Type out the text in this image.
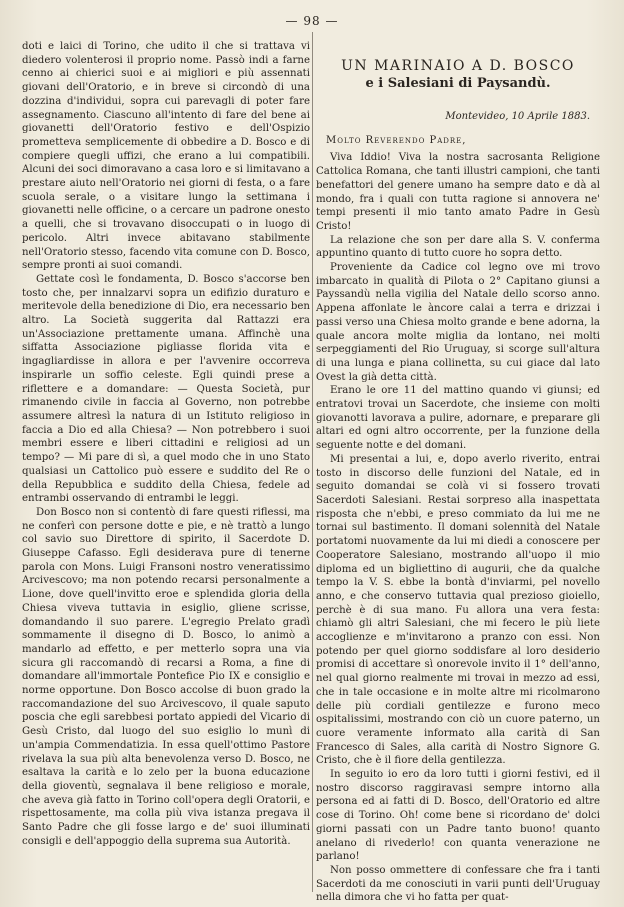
— 98 —

doti e laici di Torino, che udito il che si trattava vi diedero volenterosi il proprio nome. Passò indi a farne cenno ai chierici suoi e ai migliori e più assennati giovani dell'Oratorio, e in breve si circondò di una dozzina d'individui, sopra cui parevagli di poter fare assegnamento. Ciascuno all'intento di fare del bene ai giovanetti dell'Oratorio festivo e dell'Ospizio prometteva semplicemente di obbedire a D. Bosco e di compiere quegli uffizi, che erano a lui compatibili. Alcuni dei soci dimoravano a casa loro e si limitavano a prestare aiuto nell'Oratorio nei giorni di festa, o a fare scuola serale, o a visitare lungo la settimana i giovanetti nelle officine, o a cercare un padrone onesto a quelli, che si trovavano disoccupati o in luogo di pericolo. Altri invece abitavano stabilmente nell'Oratorio stesso, facendo vita comune con D. Bosco, sempre pronti ai suoi comandi.

Gettate così le fondamenta, D. Bosco s'accorse ben tosto che, per innalzarvi sopra un edifizio duraturo e meritevole della benedizione di Dio, era necessario ben altro. La Società suggerita dal Rattazzi era un'Associazione prettamente umana. Affinchè una siffatta Associazione pigliasse florida vita e ingagliardisse in allora e per l'avvenire occorreva inspirarle un soffio celeste. Egli quindi prese a riflettere e a domandare: — Questa Società, pur rimanendo civile in faccia al Governo, non potrebbe assumere altresì la natura di un Istituto religioso in faccia a Dio ed alla Chiesa? — Non potrebbero i suoi membri essere e liberi cittadini e religiosi ad un tempo? — Mi pare di sì, a quel modo che in uno Stato qualsiasi un Cattolico può essere e suddito del Re o della Repubblica e suddito della Chiesa, fedele ad entrambi osservando di entrambi le leggi.

Don Bosco non si contentò di fare questi riflessi, ma ne conferì con persone dotte e pie, e nè trattò a lungo col savio suo Direttore di spirito, il Sacerdote D. Giuseppe Cafasso. Egli desiderava pure di tenerne parola con Mons. Luigi Fransoni nostro veneratissimo Arcivescovo; ma non potendo recarsi personalmente a Lione, dove quell'invitto eroe e splendida gloria della Chiesa viveva tuttavia in esiglio, gliene scrisse, domandando il suo parere. L'egregio Prelato gradì sommamente il disegno di D. Bosco, lo animò a mandarlo ad effetto, e per metterlo sopra una via sicura gli raccomandò di recarsi a Roma, a fine di domandare all'immortale Pontefice Pio IX e consiglio e norme opportune. Don Bosco accolse di buon grado la raccomandazione del suo Arcivescovo, il quale saputo poscia che egli sarebbesi portato appiedi del Vicario di Gesù Cristo, dal luogo del suo esiglio lo munì di un'ampia Commendatizia. In essa quell'ottimo Pastore rivelava la sua più alta benevolenza verso D. Bosco, ne esaltava la carità e lo zelo per la buona educazione della gioventù, segnalava il bene religioso e morale, che aveva già fatto in Torino coll'opera degli Oratorii, e rispettosamente, ma colla più viva istanza pregava il Santo Padre che gli fosse largo e de' suoi illuminati consigli e dell'appoggio della suprema sua Autorità.

UN MARINAIO A D. BOSCO
e i Salesiani di Paysandù.
Montevideo, 10 Aprile 1883.
Molto Reverendo Padre,

Viva Iddio! Viva la nostra sacrosanta Religione Cattolica Romana, che tanti illustri campioni, che tanti benefattori del genere umano ha sempre dato e dà al mondo, fra i quali con tutta ragione si annovera ne' tempi presenti il mio tanto amato Padre in Gesù Cristo!

La relazione che son per dare alla S. V. conferma appuntino quanto di tutto cuore ho sopra detto.

Proveniente da Cadice col legno ove mi trovo imbarcato in qualità di Pilota o 2° Capitano giunsi a Payssandù nella vigilia del Natale dello scorso anno. Appena affonlate le àncore calai a terra e drizzai i passi verso una Chiesa molto grande e bene adorna, la quale ancora molte miglia da lontano, nei molti serpeggiamenti del Rio Uruguay, si scorge sull'altura di una lunga e piana collinetta, su cui giace dal lato Ovest la già detta città.

Erano le ore 11 del mattino quando vi giunsi; ed entratovi trovai un Sacerdote, che insieme con molti giovanotti lavorava a pulire, adornare, e preparare gli altari ed ogni altro occorrente, per la funzione della seguente notte e del domani.

Mi presentai a lui, e, dopo averlo riverito, entrai tosto in discorso delle funzioni del Natale, ed in seguito domandai se colà vi si fossero trovati Sacerdoti Salesiani. Restai sorpreso alla inaspettata risposta che n'ebbi, e preso commiato da lui me ne tornai sul bastimento. Il domani solennità del Natale portatomi nuovamente da lui mi diedi a conoscere per Cooperatore Salesiano, mostrando all'uopo il mio diploma ed un bigliettino di augurii, che da qualche tempo la V. S. ebbe la bontà d'inviarmi, pel novello anno, e che conservo tuttavia qual prezioso gioiello, perchè è di sua mano. Fu allora una vera festa: chiamò gli altri Salesiani, che mi fecero le più liete accoglienze e m'invitarono a pranzo con essi. Non potendo per quel giorno soddisfare al loro desiderio promisi di accettare sì onorevole invito il 1° dell'anno, nel qual giorno realmente mi trovai in mezzo ad essi, che in tale occasione e in molte altre mi ricolmarono delle più cordiali gentilezze e furono meco ospitalissimi, mostrando con ciò un cuore paterno, un cuore veramente informato alla carità di San Francesco di Sales, alla carità di Nostro Signore G. Cristo, che è il fiore della gentilezza.

In seguito io ero da loro tutti i giorni festivi, ed il nostro discorso raggiravasi sempre intorno alla persona ed ai fatti di D. Bosco, dell'Oratorio ed altre cose di Torino. Oh! come bene si ricordano de' dolci giorni passati con un Padre tanto buono! quanto anelano di rivederlo! con quanta venerazione ne parlano!

Non posso ommettere di confessare che fra i tanti Sacerdoti da me conosciuti in varii punti dell'Uruguay nella dimora che vi ho fatta per quat-
